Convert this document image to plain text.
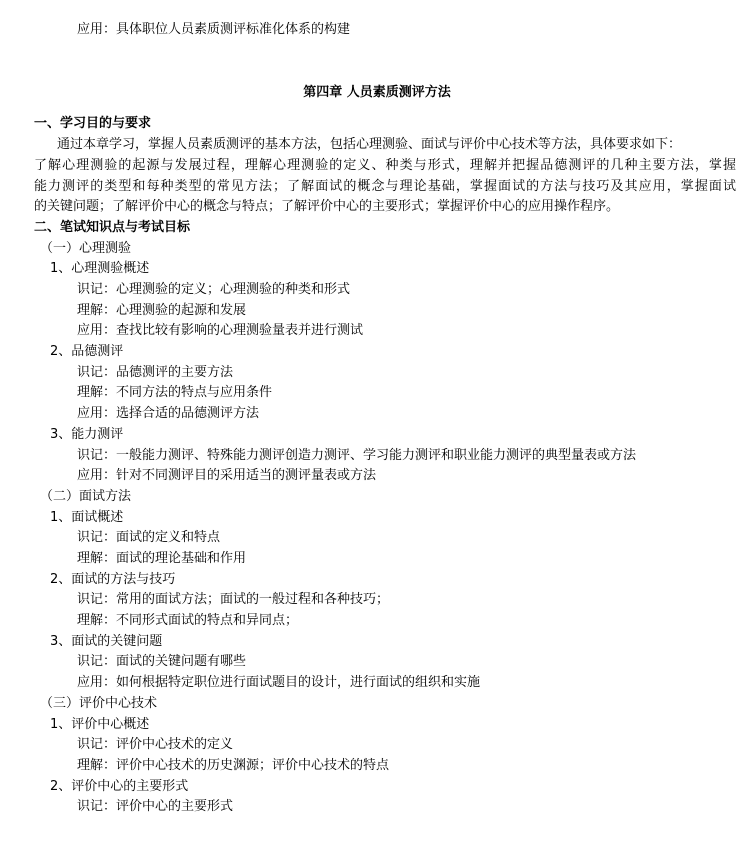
应用：具体职位人员素质测评标准化体系的构建
第四章 人员素质测评方法
一、学习目的与要求
通过本章学习，掌握人员素质测评的基本方法，包括心理测验、面试与评价中心技术等方法，具体要求如下：
了解心理测验的起源与发展过程，理解心理测验的定义、种类与形式，理解并把握品德测评的几种主要方法，掌握
能力测评的类型和每种类型的常见方法；了解面试的概念与理论基础，掌握面试的方法与技巧及其应用，掌握面试
的关键问题；了解评价中心的概念与特点；了解评价中心的主要形式；掌握评价中心的应用操作程序。
二、笔试知识点与考试目标
（一）心理测验
1、心理测验概述
识记：心理测验的定义；心理测验的种类和形式
理解：心理测验的起源和发展
应用：查找比较有影响的心理测验量表并进行测试
2、品德测评
识记：品德测评的主要方法
理解：不同方法的特点与应用条件
应用：选择合适的品德测评方法
3、能力测评
识记：一般能力测评、特殊能力测评创造力测评、学习能力测评和职业能力测评的典型量表或方法
应用：针对不同测评目的采用适当的测评量表或方法
（二）面试方法
1、面试概述
识记：面试的定义和特点
理解：面试的理论基础和作用
2、面试的方法与技巧
识记：常用的面试方法；面试的一般过程和各种技巧；
理解：不同形式面试的特点和异同点；
3、面试的关键问题
识记：面试的关键问题有哪些
应用：如何根据特定职位进行面试题目的设计，进行面试的组织和实施
（三）评价中心技术
1、评价中心概述
识记：评价中心技术的定义
理解：评价中心技术的历史渊源；评价中心技术的特点
2、评价中心的主要形式
识记：评价中心的主要形式
